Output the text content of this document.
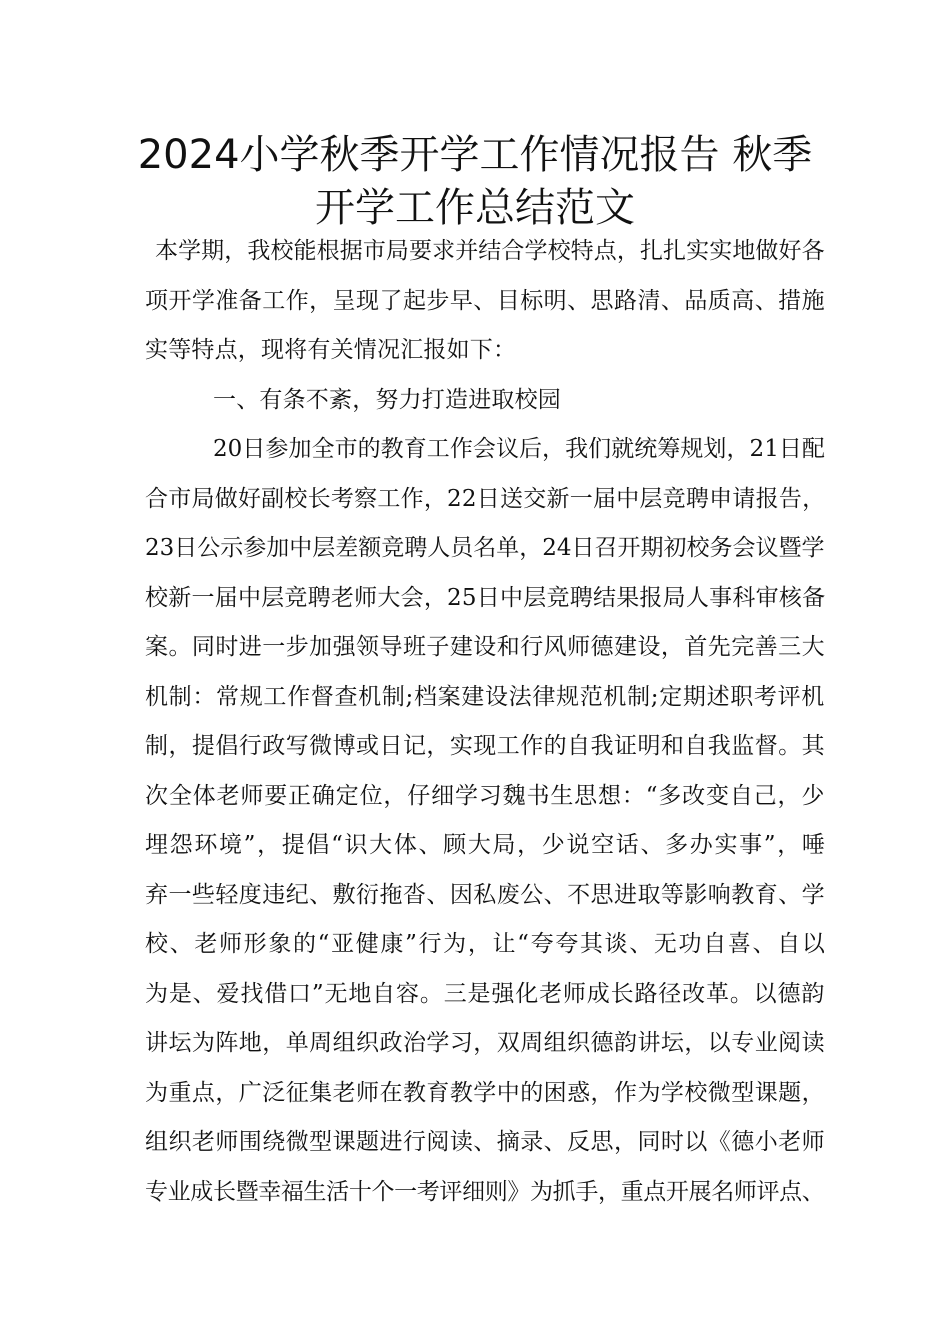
2024小学秋季开学工作情况报告 秋季
开学工作总结范文
本学期，我校能根据市局要求并结合学校特点，扎扎实实地做好各
项开学准备工作，呈现了起步早、目标明、思路清、品质高、措施
实等特点，现将有关情况汇报如下：
一、有条不紊，努力打造进取校园
20日参加全市的教育工作会议后，我们就统筹规划，21日配
合市局做好副校长考察工作，22日送交新一届中层竞聘申请报告，
23日公示参加中层差额竞聘人员名单，24日召开期初校务会议暨学
校新一届中层竞聘老师大会，25日中层竞聘结果报局人事科审核备
案。同时进一步加强领导班子建设和行风师德建设，首先完善三大
机制：常规工作督查机制;档案建设法律规范机制;定期述职考评机
制，提倡行政写微博或日记，实现工作的自我证明和自我监督。其
次全体老师要正确定位，仔细学习魏书生思想：“多改变自己，少
埋怨环境”，提倡“识大体、顾大局，少说空话、多办实事”，唾
弃一些轻度违纪、敷衍拖沓、因私废公、不思进取等影响教育、学
校、老师形象的“亚健康”行为，让“夸夸其谈、无功自喜、自以
为是、爱找借口”无地自容。三是强化老师成长路径改革。以德韵
讲坛为阵地，单周组织政治学习，双周组织德韵讲坛，以专业阅读
为重点，广泛征集老师在教育教学中的困惑，作为学校微型课题，
组织老师围绕微型课题进行阅读、摘录、反思，同时以《德小老师
专业成长暨幸福生活十个一考评细则》为抓手，重点开展名师评点、
